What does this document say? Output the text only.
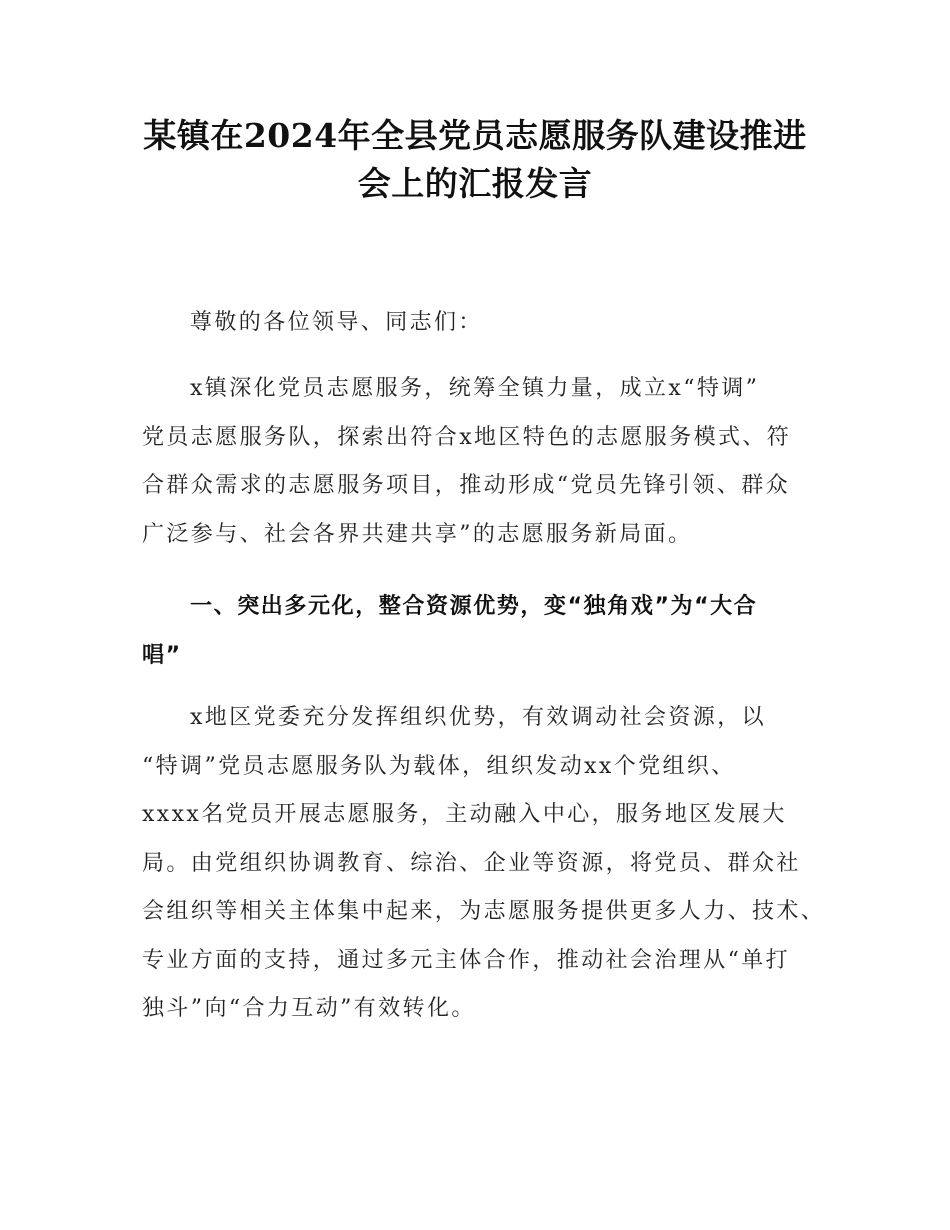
某镇在2024年全县党员志愿服务队建设推进
会上的汇报发言
尊敬的各位领导、同志们：
x镇深化党员志愿服务，统筹全镇力量，成立x“特调”
党员志愿服务队，探索出符合x地区特色的志愿服务模式、符
合群众需求的志愿服务项目，推动形成“党员先锋引领、群众
广泛参与、社会各界共建共享”的志愿服务新局面。
一、突出多元化，整合资源优势，变“独角戏”为“大合
唱”
x地区党委充分发挥组织优势，有效调动社会资源，以
“特调”党员志愿服务队为载体，组织发动xx个党组织、
xxxx名党员开展志愿服务，主动融入中心，服务地区发展大
局。由党组织协调教育、综治、企业等资源，将党员、群众社
会组织等相关主体集中起来，为志愿服务提供更多人力、技术、
专业方面的支持，通过多元主体合作，推动社会治理从“单打
独斗”向“合力互动”有效转化。
